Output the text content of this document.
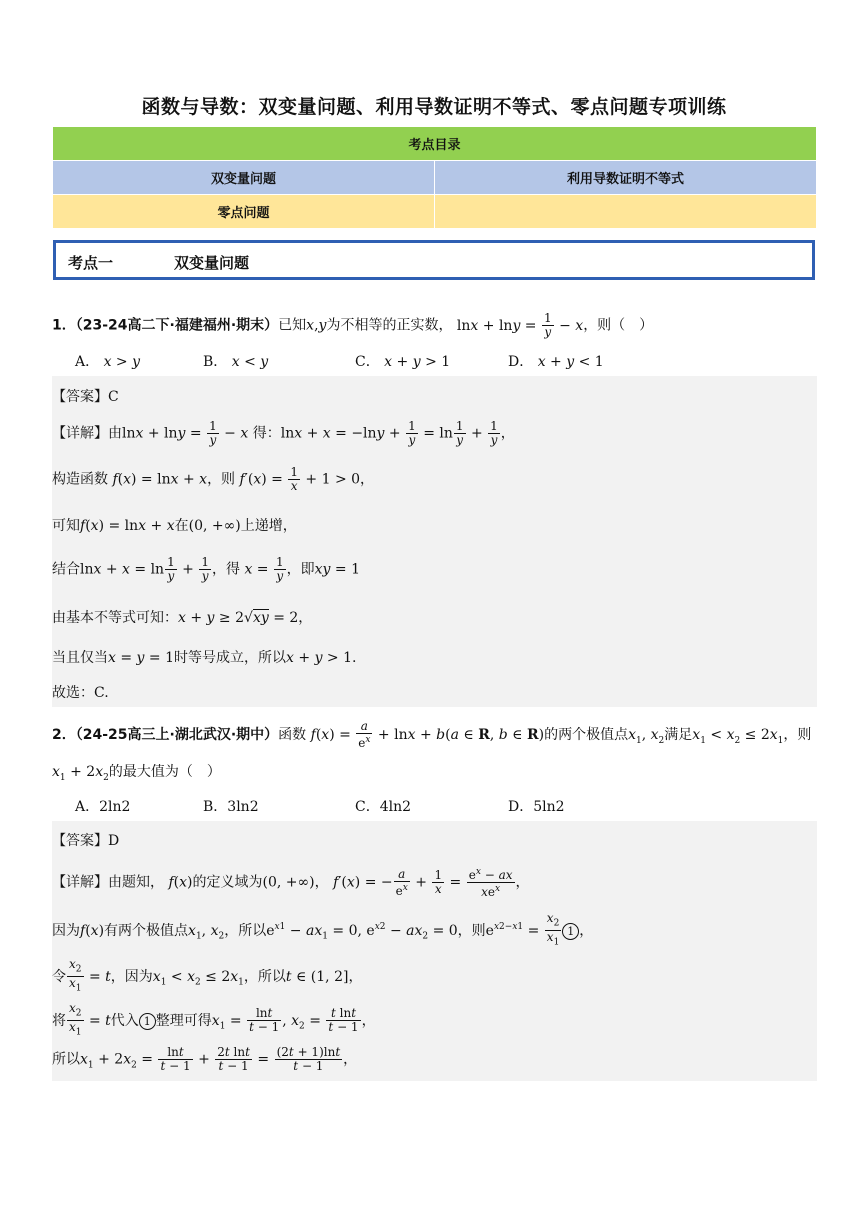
函数与导数：双变量问题、利用导数证明不等式、零点问题专项训练
考点目录	
双变量问题	利用导数证明不等式
零点问题	
考点一	双变量问题
1．（23-24高二下·福建福州·期末）已知x,y为不相等的正实数， $\ln x + \ln y = \frac{1}{y} - x$，则（　）
A． x > y	B． x < y	C． x + y > 1	D． x + y < 1
【答案】C
【详解】由$\ln x + \ln y = \frac{1}{y} - x$ 得：$\ln x + x = -\ln y + \frac{1}{y} = \ln \frac{1}{y} + \frac{1}{y}$ ，
构造函数 f(x) = lnx + x，则 $f'(x) = \frac{1}{x} + 1 > 0$，
可知f(x) = lnx + x在(0, +∞)上递增，
结合$\ln x + x = \ln \frac{1}{y} + \frac{1}{y}$ ，得 $x = \frac{1}{y}$ ，即xy = 1
由基本不等式可知：x + y ≥ 2√xy = 2，
当且仅当x = y = 1时等号成立，所以x + y > 1.
故选：C.
2．（24-25高三上·湖北武汉·期中）函数 $f(x) = \frac{a}{e^x} + \ln x + b(a$ ∈ R, b ∈ R)的两个极值点$x_1$, $x_2$满足$x_1 < x_2 \le 2x_1$，则
$x_1 + 2x_2$的最大值为（　）
A．2ln2	B．3ln2	C．4ln2	D．5ln2
【答案】D
【详解】由题知， f(x)的定义域为(0, +∞)， f′(x) = − $\frac{a}{e^x} + \frac{1}{x} = \frac{e^x - ax}{xe^x}$ ，
因为f(x)有两个极值点$x_1$, $x_2$，所以$e^{x1} - ax_1 = 0$, $e^{x2} - ax_2 = 0$，则$e^{x2-x1} = \frac{x_2}{x_1} 1$ ，
令 $\frac{x_2}{x_1} = t$，因为$x_1 < x_2 \le 2x_1$，所以t ∈ (1, 2]，
将 $\frac{x_2}{x_1} = t$代入 1 整理可得$x_1 = \frac{\ln t}{t - 1}$ , $x_2 = \frac{\text{t lnt}}{t - 1}$ ，
所以$x_1 + 2x_2 = \frac{\ln t}{t - 1} + \frac{\text{2t lnt}}{t - 1} = \frac{(2t + 1)\ln t}{t - 1}$ ，
